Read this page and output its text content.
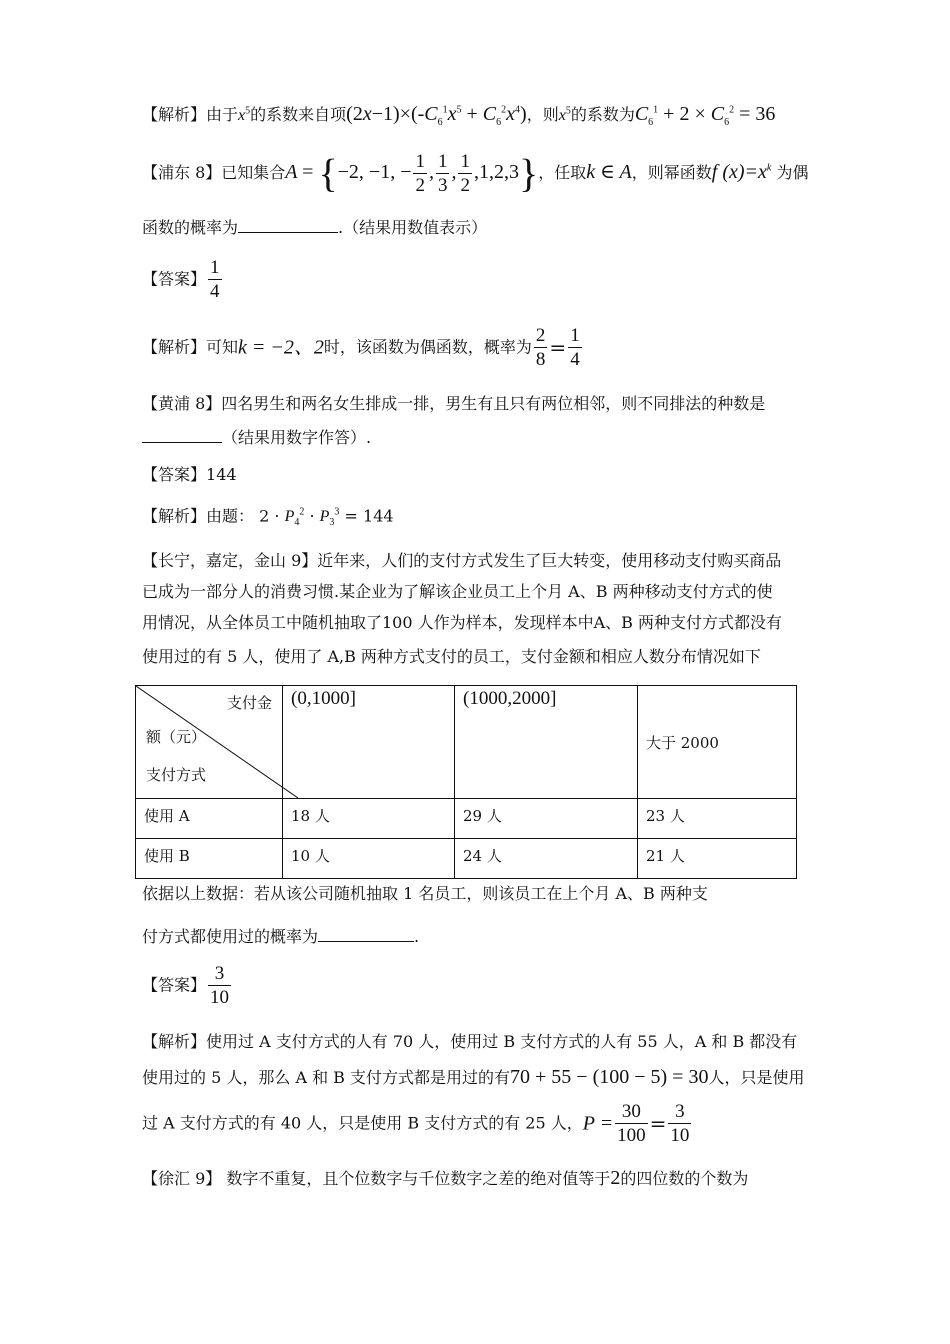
【解析】由于$x^5$的系数来自项$(2x-1)\times(-C_6^1x^5 + C_6^2x^4)$，则$x^5$的系数为$C_6^1 + 2 \times C_6^2 = 36$
【浦东 8】已知集合A = {−2, −1, − $\frac{1}{2}$ , $\frac{1}{3}$ , $\frac{1}{2} ,1,2,3$}，任取k ∈ A，则幂函数f $(x)=x^k$ 为偶
函数的概率为	.（结果用数值表示）
【答案】 $\frac{1}{4}$
【解析】可知k = −2、2时，该函数为偶函数，概率为 $\frac{2}{8} = \frac{1}{4}$
【黄浦 8】四名男生和两名女生排成一排，男生有且只有两位相邻，则不同排法的种数是
（结果用数字作答）.
【答案】144
【解析】由题： $2 \cdot P_4^2 \cdot P_3^3 = 144$
【长宁，嘉定，金山 9】近年来，人们的支付方式发生了巨大转变，使用移动支付购买商品
已成为一部分人的消费习惯.某企业为了解该企业员工上个月 A、B 两种移动支付方式的使
用情况，从全体员工中随机抽取了100 人作为样本，发现样本中A、B 两种支付方式都没有
使用过的有 5 人，使用了 A,B 两种方式支付的员工，支付金额和相应人数分布情况如下
支付金
额（元）
支付方式	(0,1000]	(1000,2000]	大于 2000
使用 A	18 人	29 人	23 人
使用 B	10 人	24 人	21 人
依据以上数据：若从该公司随机抽取 1 名员工，则该员工在上个月 A、B 两种支
付方式都使用过的概率为	.
【答案】 $\frac{3}{10}$
【解析】使用过 A 支付方式的人有 70 人，使用过 B 支付方式的人有 55 人，A 和 B 都没有
使用过的 5 人，那么 A 和 B 支付方式都是用过的有70 + 55 − (100 − 5) = 30人，只是使用
过 A 支付方式的有 40 人，只是使用 B 支付方式的有 25 人，$P = \frac{30}{100} = \frac{3}{10}$
【徐汇 9】 数字不重复，且个位数字与千位数字之差的绝对值等于2的四位数的个数为
